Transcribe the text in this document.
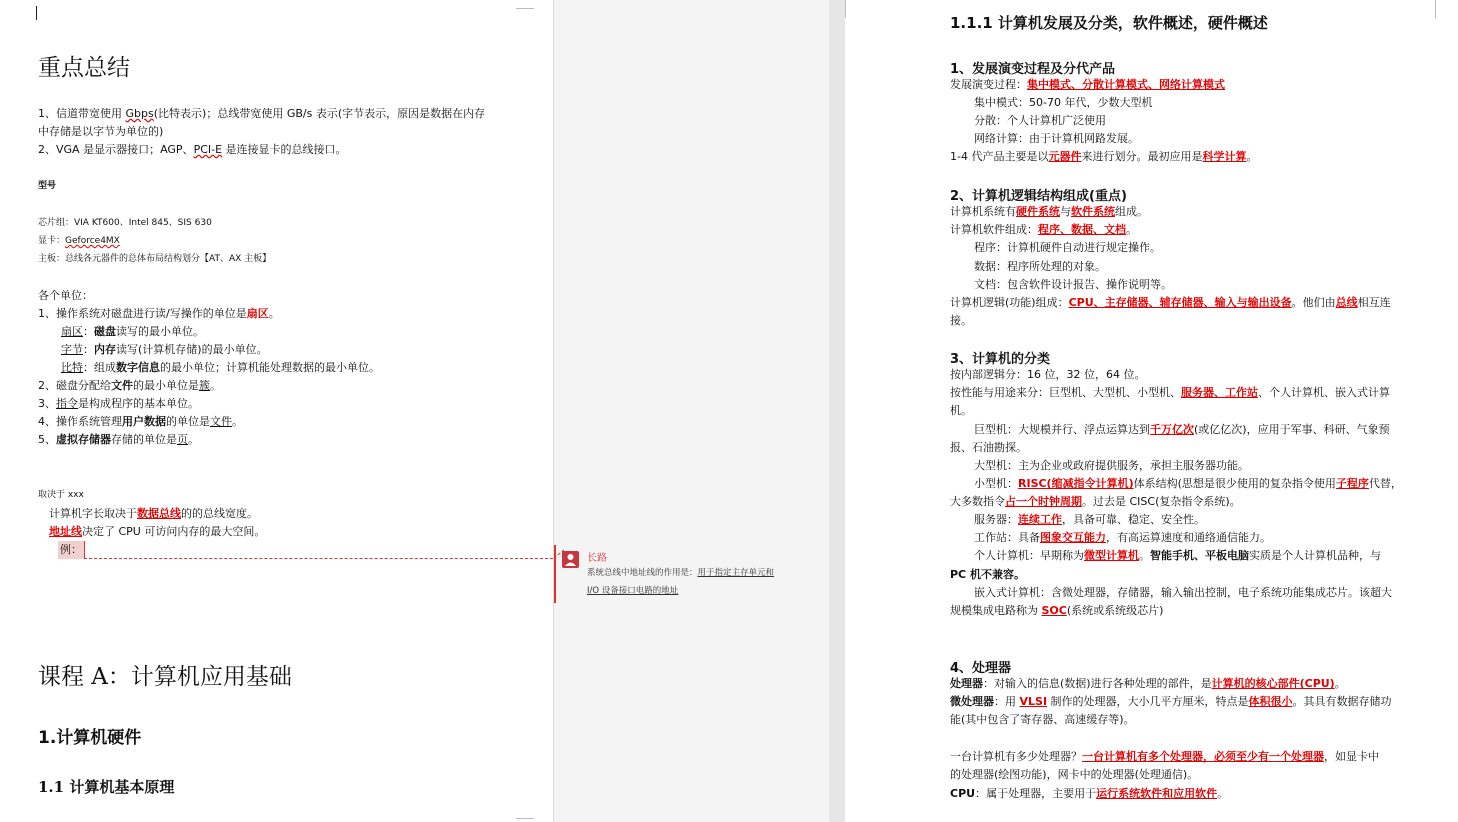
重点总结
1、信道带宽使用 Gbps(比特表示)；总线带宽使用 GB/s 表示(字节表示，原因是数据在内存
中存储是以字节为单位的)
2、VGA 是显示器接口；AGP、PCI-E 是连接显卡的总线接口。
型号
芯片组：VIA KT600、Intel 845、SIS 630
显卡：Geforce4MX
主板：总线各元器件的总体布局结构划分【AT、AX 主板】
各个单位：
1、操作系统对磁盘进行读/写操作的单位是扇区。
扇区：磁盘读写的最小单位。
字节：内存读写(计算机存储)的最小单位。
比特：组成数字信息的最小单位；计算机能处理数据的最小单位。
2、磁盘分配给文件的最小单位是簇。
3、指令是构成程序的基本单位。
4、操作系统管理用户数据的单位是文件。
5、虚拟存储器存储的单位是页。
取决于 xxx
计算机字长取决于数据总线的的总线宽度。
地址线决定了 CPU 可访问内存的最大空间。
例：
课程 A：计算机应用基础
1.计算机硬件
1.1 计算机基本原理
长路
系统总线中地址线的作用是：用于指定主存单元和
I/O 设备接口电路的地址
1.1.1 计算机发展及分类，软件概述，硬件概述
1、发展演变过程及分代产品
发展演变过程：集中模式、分散计算模式、网络计算模式
集中模式：50-70 年代，少数大型机
分散：个人计算机广泛使用
网络计算：由于计算机网路发展。
1-4 代产品主要是以元器件来进行划分。最初应用是科学计算。
2、计算机逻辑结构组成(重点)
计算机系统有硬件系统与软件系统组成。
计算机软件组成：程序、数据、文档。
程序：计算机硬件自动进行规定操作。
数据：程序所处理的对象。
文档：包含软件设计报告、操作说明等。
计算机逻辑(功能)组成：CPU、主存储器、辅存储器、输入与输出设备。他们由总线相互连
接。
3、计算机的分类
按内部逻辑分：16 位，32 位，64 位。
按性能与用途来分：巨型机、大型机、小型机、服务器、工作站、个人计算机、嵌入式计算
机。
巨型机：大规模并行、浮点运算达到千万亿次(或亿亿次)，应用于军事、科研、气象预
报、石油勘探。
大型机：主为企业或政府提供服务，承担主服务器功能。
小型机：RISC(缩减指令计算机)体系结构(思想是很少使用的复杂指令使用子程序代替，
大多数指令占一个时钟周期。过去是 CISC(复杂指令系统)。
服务器：连续工作，具备可靠、稳定、安全性。
工作站：具备图象交互能力，有高运算速度和通络通信能力。
个人计算机：早期称为微型计算机。智能手机、平板电脑实质是个人计算机品种，与
PC 机不兼容。
嵌入式计算机：含微处理器，存储器，输入输出控制，电子系统功能集成芯片。该超大
规模集成电路称为 SOC(系统或系统级芯片)
4、处理器
处理器：对输入的信息(数据)进行各种处理的部件，是计算机的核心部件(CPU)。
微处理器：用 VLSI 制作的处理器，大小几平方厘米，特点是体积很小。其具有数据存储功
能(其中包含了寄存器、高速缓存等)。
一台计算机有多少处理器？一台计算机有多个处理器，必须至少有一个处理器，如显卡中
的处理器(绘图功能)，网卡中的处理器(处理通信)。
CPU：属于处理器，主要用于运行系统软件和应用软件。
